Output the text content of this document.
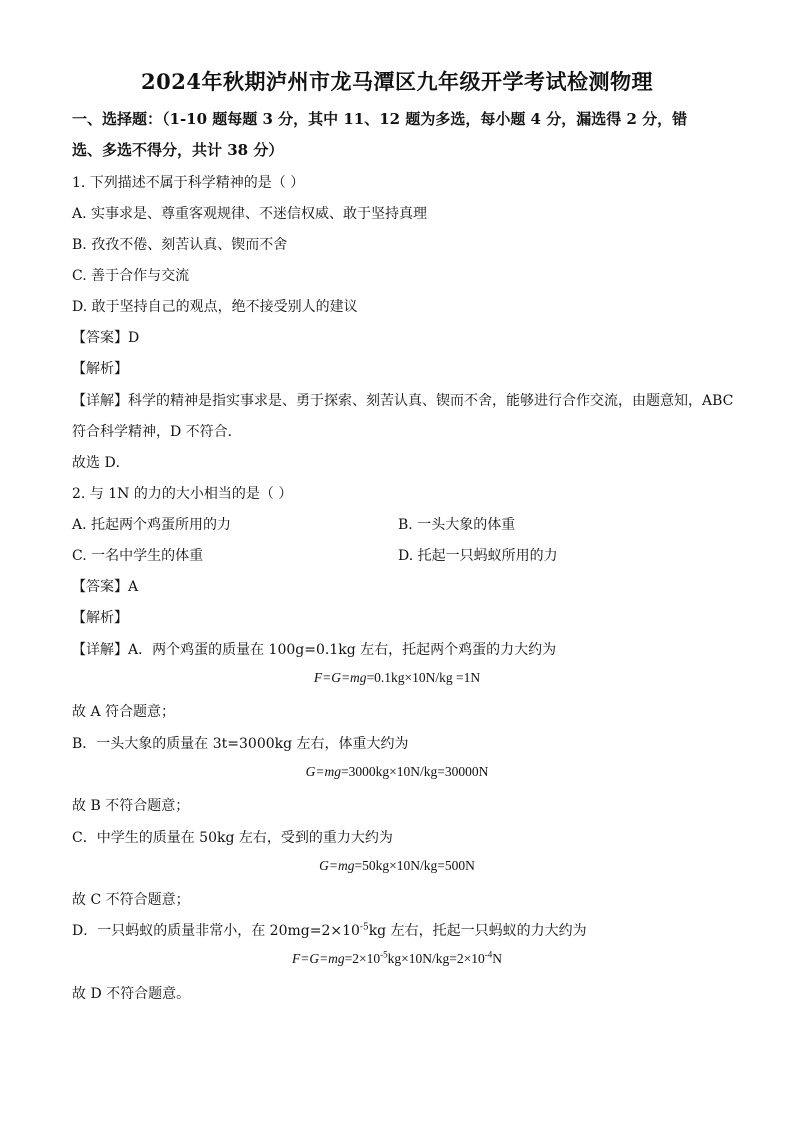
2024年秋期泸州市龙马潭区九年级开学考试检测物理
一、选择题：（1-10 题每题 3 分，其中 11、12 题为多选，每小题 4 分，漏选得 2 分，错
选、多选不得分，共计 38 分）
1. 下列描述不属于科学精神的是（ ）
A. 实事求是、尊重客观规律、不迷信权威、敢于坚持真理
B. 孜孜不倦、刻苦认真、锲而不舍
C. 善于合作与交流
D. 敢于坚持自己的观点，绝不接受别人的建议
【答案】D
【解析】
【详解】科学的精神是指实事求是、勇于探索、刻苦认真、锲而不舍，能够进行合作交流，由题意知，ABC
符合科学精神，D 不符合．
故选 D．
2. 与 1N 的力的大小相当的是（ ）
A. 托起两个鸡蛋所用的力	B. 一头大象的体重
C. 一名中学生的体重	D. 托起一只蚂蚁所用的力
【答案】A
【解析】
【详解】A．两个鸡蛋的质量在 100g=0.1kg 左右，托起两个鸡蛋的力大约为
F=G=mg=0.1kg×10N/kg =1N
故 A 符合题意；
B．一头大象的质量在 3t=3000kg 左右，体重大约为
G=mg=3000kg×10N/kg=30000N
故 B 不符合题意；
C．中学生的质量在 50kg 左右，受到的重力大约为
G=mg=50kg×10N/kg=500N
故 C 不符合题意；
D．一只蚂蚁的质量非常小，在 $20mg=2\times 10^{-5}kg$ 左右，托起一只蚂蚁的力大约为
$F=G=mg=2\times 10^{-5}kg\times 10N/kg=2\times 10^{-4}N$
故 D 不符合题意。
